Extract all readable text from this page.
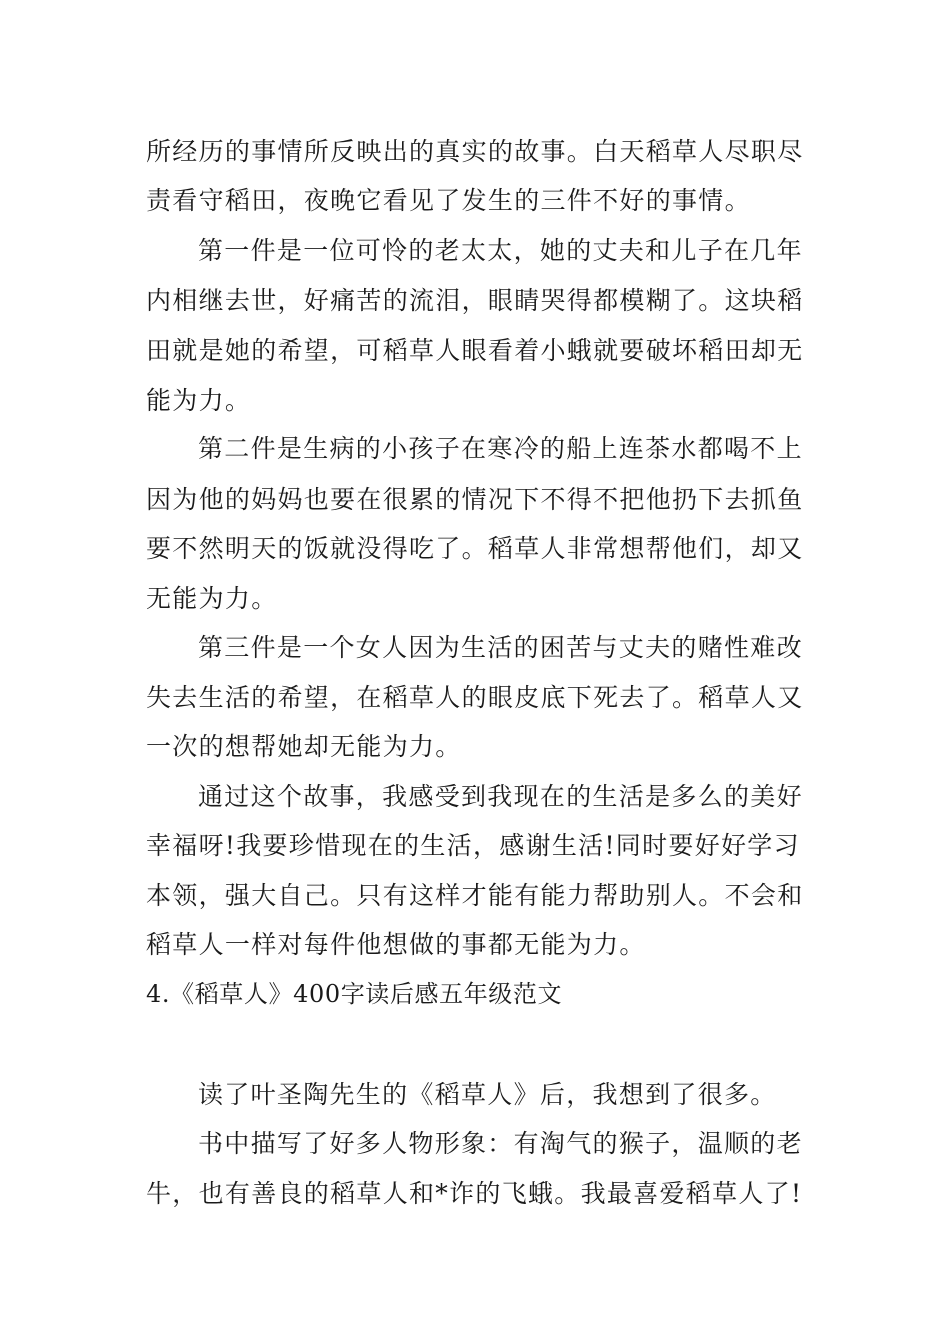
所经历的事情所反映出的真实的故事。白天稻草人尽职尽
责看守稻田，夜晚它看见了发生的三件不好的事情。
第一件是一位可怜的老太太，她的丈夫和儿子在几年
内相继去世，好痛苦的流泪，眼睛哭得都模糊了。这块稻
田就是她的希望，可稻草人眼看着小蛾就要破坏稻田却无
能为力。
第二件是生病的小孩子在寒冷的船上连茶水都喝不上
因为他的妈妈也要在很累的情况下不得不把他扔下去抓鱼
要不然明天的饭就没得吃了。稻草人非常想帮他们，却又
无能为力。
第三件是一个女人因为生活的困苦与丈夫的赌性难改
失去生活的希望，在稻草人的眼皮底下死去了。稻草人又
一次的想帮她却无能为力。
通过这个故事，我感受到我现在的生活是多么的美好
幸福呀!我要珍惜现在的生活，感谢生活!同时要好好学习
本领，强大自己。只有这样才能有能力帮助别人。不会和
稻草人一样对每件他想做的事都无能为力。
4.《稻草人》400字读后感五年级范文
读了叶圣陶先生的《稻草人》后，我想到了很多。
书中描写了好多人物形象：有淘气的猴子，温顺的老
牛，也有善良的稻草人和*诈的飞蛾。我最喜爱稻草人了!
